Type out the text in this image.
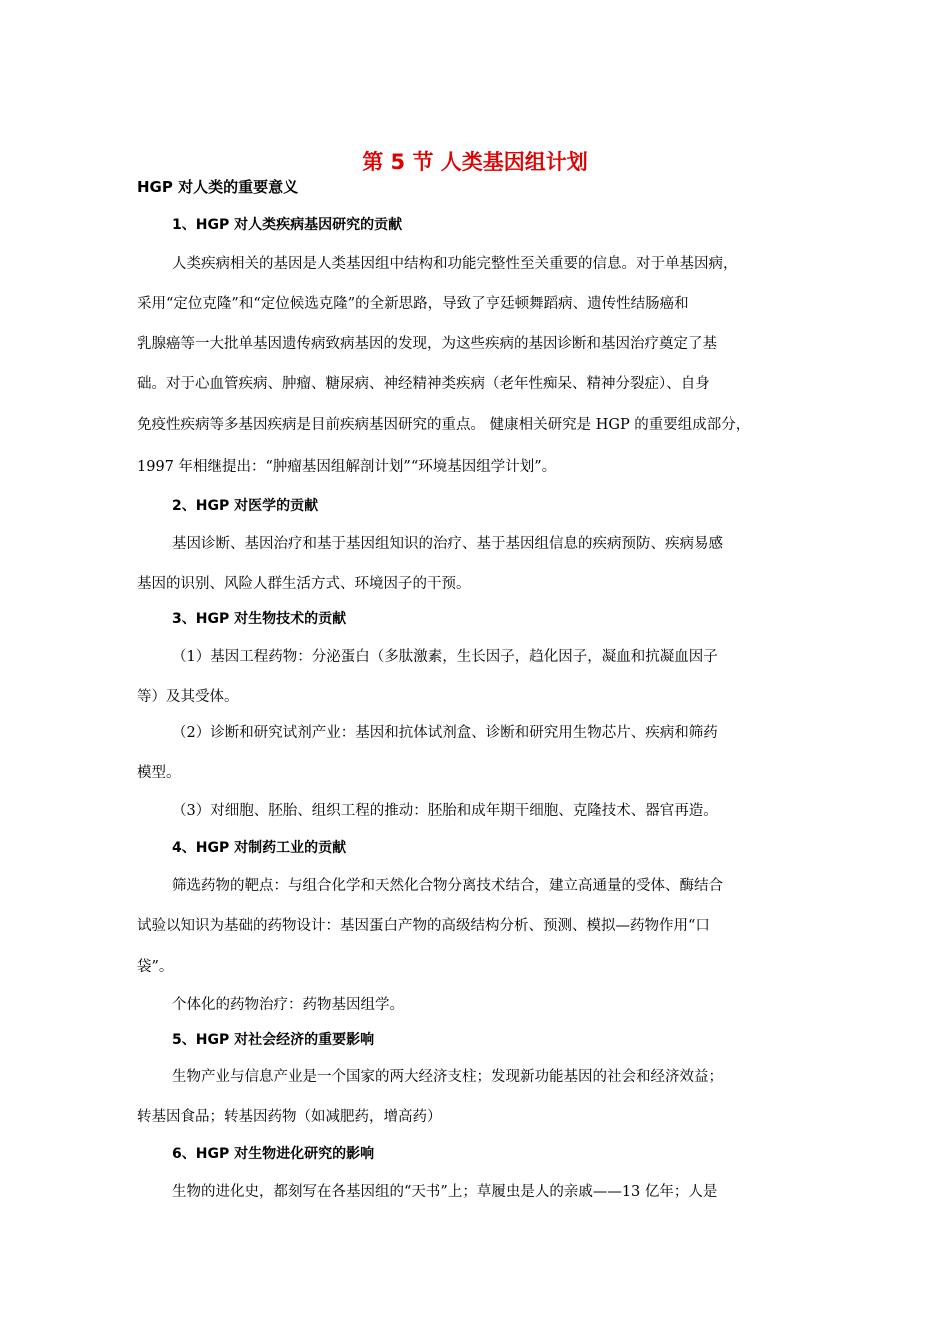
第 5 节 人类基因组计划
HGP 对人类的重要意义
1、HGP 对人类疾病基因研究的贡献
人类疾病相关的基因是人类基因组中结构和功能完整性至关重要的信息。对于单基因病，
采用“定位克隆”和“定位候选克隆”的全新思路，导致了亨廷顿舞蹈病、遗传性结肠癌和
乳腺癌等一大批单基因遗传病致病基因的发现，为这些疾病的基因诊断和基因治疗奠定了基
础。对于心血管疾病、肿瘤、糖尿病、神经精神类疾病（老年性痴呆、精神分裂症）、自身
免疫性疾病等多基因疾病是目前疾病基因研究的重点。 健康相关研究是 HGP 的重要组成部分，
1997 年相继提出：“肿瘤基因组解剖计划”“环境基因组学计划”。
2、HGP 对医学的贡献
基因诊断、基因治疗和基于基因组知识的治疗、基于基因组信息的疾病预防、疾病易感
基因的识别、风险人群生活方式、环境因子的干预。
3、HGP 对生物技术的贡献
（1）基因工程药物：分泌蛋白（多肽激素，生长因子，趋化因子，凝血和抗凝血因子
等）及其受体。
（2）诊断和研究试剂产业：基因和抗体试剂盒、诊断和研究用生物芯片、疾病和筛药
模型。
（3）对细胞、胚胎、组织工程的推动：胚胎和成年期干细胞、克隆技术、器官再造。
4、HGP 对制药工业的贡献
筛选药物的靶点：与组合化学和天然化合物分离技术结合，建立高通量的受体、酶结合
试验以知识为基础的药物设计：基因蛋白产物的高级结构分析、预测、模拟—药物作用“口
袋”。
个体化的药物治疗：药物基因组学。
5、HGP 对社会经济的重要影响
生物产业与信息产业是一个国家的两大经济支柱；发现新功能基因的社会和经济效益；
转基因食品；转基因药物（如减肥药，增高药）
6、HGP 对生物进化研究的影响
生物的进化史，都刻写在各基因组的“天书”上；草履虫是人的亲戚——13 亿年；人是
